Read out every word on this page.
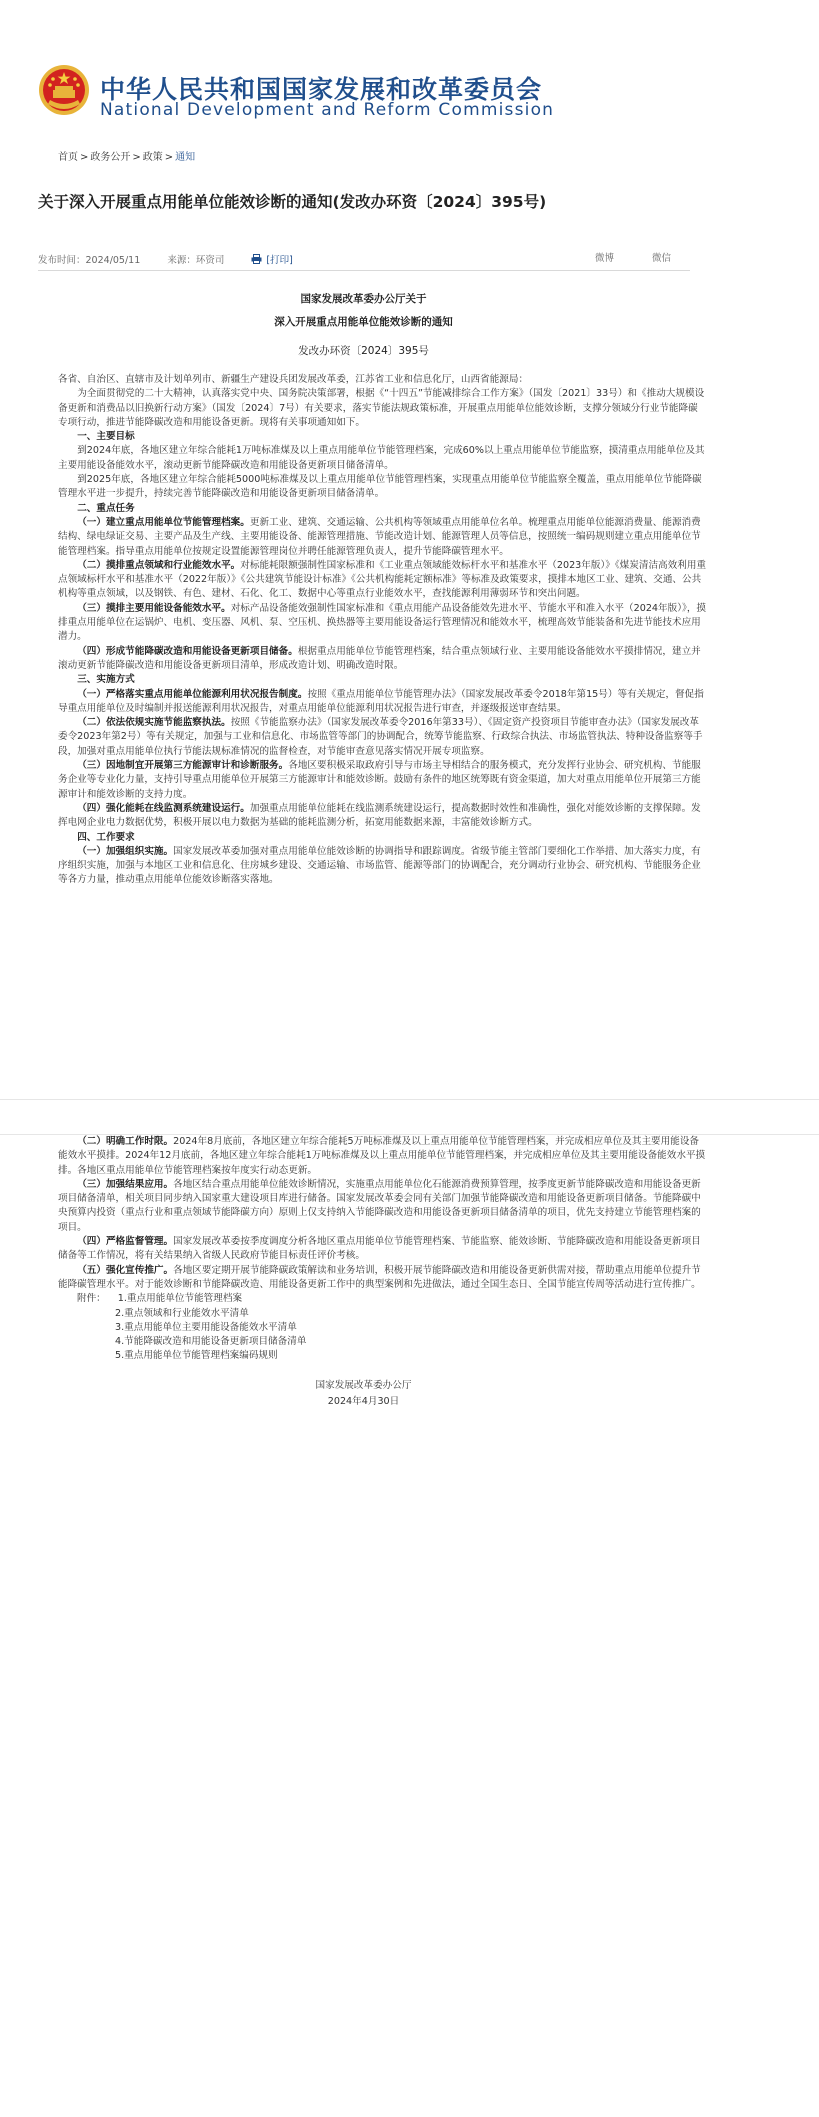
中华人民共和国国家发展和改革委员会
National Development and Reform Commission
首页 > 政务公开 > 政策 > 通知
关于深入开展重点用能单位能效诊断的通知(发改办环资〔2024〕395号)
发布时间：2024/05/11	来源：环资司	[打印]	微博	微信
国家发展改革委办公厅关于
深入开展重点用能单位能效诊断的通知
发改办环资〔2024〕395号

各省、自治区、直辖市及计划单列市、新疆生产建设兵团发展改革委，江苏省工业和信息化厅，山西省能源局：

为全面贯彻党的二十大精神，认真落实党中央、国务院决策部署，根据《“十四五”节能减排综合工作方案》（国发〔2021〕33号）和《推动大规模设备更新和消费品以旧换新行动方案》（国发〔2024〕7号）有关要求，落实节能法规政策标准，开展重点用能单位能效诊断，支撑分领域分行业节能降碳专项行动，推进节能降碳改造和用能设备更新。现将有关事项通知如下。

一、主要目标

到2024年底，各地区建立年综合能耗1万吨标准煤及以上重点用能单位节能管理档案，完成60%以上重点用能单位节能监察，摸清重点用能单位及其主要用能设备能效水平，滚动更新节能降碳改造和用能设备更新项目储备清单。

到2025年底，各地区建立年综合能耗5000吨标准煤及以上重点用能单位节能管理档案，实现重点用能单位节能监察全覆盖，重点用能单位节能降碳管理水平进一步提升，持续完善节能降碳改造和用能设备更新项目储备清单。

二、重点任务

（一）建立重点用能单位节能管理档案。更新工业、建筑、交通运输、公共机构等领域重点用能单位名单。梳理重点用能单位能源消费量、能源消费结构、绿电绿证交易、主要产品及生产线、主要用能设备、能源管理措施、节能改造计划、能源管理人员等信息，按照统一编码规则建立重点用能单位节能管理档案。指导重点用能单位按规定设置能源管理岗位并聘任能源管理负责人，提升节能降碳管理水平。

（二）摸排重点领域和行业能效水平。对标能耗限额强制性国家标准和《工业重点领域能效标杆水平和基准水平（2023年版）》《煤炭清洁高效利用重点领域标杆水平和基准水平（2022年版）》《公共建筑节能设计标准》《公共机构能耗定额标准》等标准及政策要求，摸排本地区工业、建筑、交通、公共机构等重点领域，以及钢铁、有色、建材、石化、化工、数据中心等重点行业能效水平，查找能源利用薄弱环节和突出问题。

（三）摸排主要用能设备能效水平。对标产品设备能效强制性国家标准和《重点用能产品设备能效先进水平、节能水平和准入水平（2024年版）》，摸排重点用能单位在运锅炉、电机、变压器、风机、泵、空压机、换热器等主要用能设备运行管理情况和能效水平，梳理高效节能装备和先进节能技术应用潜力。

（四）形成节能降碳改造和用能设备更新项目储备。根据重点用能单位节能管理档案，结合重点领域行业、主要用能设备能效水平摸排情况，建立并滚动更新节能降碳改造和用能设备更新项目清单，形成改造计划、明确改造时限。

三、实施方式

（一）严格落实重点用能单位能源利用状况报告制度。按照《重点用能单位节能管理办法》（国家发展改革委令2018年第15号）等有关规定，督促指导重点用能单位及时编制并报送能源利用状况报告，对重点用能单位能源利用状况报告进行审查，并逐级报送审查结果。

（二）依法依规实施节能监察执法。按照《节能监察办法》（国家发展改革委令2016年第33号）、《固定资产投资项目节能审查办法》（国家发展改革委令2023年第2号）等有关规定，加强与工业和信息化、市场监管等部门的协调配合，统筹节能监察、行政综合执法、市场监管执法、特种设备监察等手段，加强对重点用能单位执行节能法规标准情况的监督检查，对节能审查意见落实情况开展专项监察。

（三）因地制宜开展第三方能源审计和诊断服务。各地区要积极采取政府引导与市场主导相结合的服务模式，充分发挥行业协会、研究机构、节能服务企业等专业化力量，支持引导重点用能单位开展第三方能源审计和能效诊断。鼓励有条件的地区统筹既有资金渠道，加大对重点用能单位开展第三方能源审计和能效诊断的支持力度。

（四）强化能耗在线监测系统建设运行。加强重点用能单位能耗在线监测系统建设运行，提高数据时效性和准确性，强化对能效诊断的支撑保障。发挥电网企业电力数据优势，积极开展以电力数据为基础的能耗监测分析，拓宽用能数据来源，丰富能效诊断方式。

四、工作要求

（一）加强组织实施。国家发展改革委加强对重点用能单位能效诊断的协调指导和跟踪调度。省级节能主管部门要细化工作举措、加大落实力度，有序组织实施，加强与本地区工业和信息化、住房城乡建设、交通运输、市场监管、能源等部门的协调配合，充分调动行业协会、研究机构、节能服务企业等各方力量，推动重点用能单位能效诊断落实落地。

（二）明确工作时限。2024年8月底前，各地区建立年综合能耗5万吨标准煤及以上重点用能单位节能管理档案，并完成相应单位及其主要用能设备能效水平摸排。2024年12月底前，各地区建立年综合能耗1万吨标准煤及以上重点用能单位节能管理档案，并完成相应单位及其主要用能设备能效水平摸排。各地区重点用能单位节能管理档案按年度实行动态更新。

（三）加强结果应用。各地区结合重点用能单位能效诊断情况，实施重点用能单位化石能源消费预算管理，按季度更新节能降碳改造和用能设备更新项目储备清单，相关项目同步纳入国家重大建设项目库进行储备。国家发展改革委会同有关部门加强节能降碳改造和用能设备更新项目储备。节能降碳中央预算内投资（重点行业和重点领域节能降碳方向）原则上仅支持纳入节能降碳改造和用能设备更新项目储备清单的项目，优先支持建立节能管理档案的项目。

（四）严格监督管理。国家发展改革委按季度调度分析各地区重点用能单位节能管理档案、节能监察、能效诊断、节能降碳改造和用能设备更新项目储备等工作情况，将有关结果纳入省级人民政府节能目标责任评价考核。

（五）强化宣传推广。各地区要定期开展节能降碳政策解读和业务培训，积极开展节能降碳改造和用能设备更新供需对接，帮助重点用能单位提升节能降碳管理水平。对于能效诊断和节能降碳改造、用能设备更新工作中的典型案例和先进做法，通过全国生态日、全国节能宣传周等活动进行宣传推广。

附件： 1.重点用能单位节能管理档案

2.重点领域和行业能效水平清单

3.重点用能单位主要用能设备能效水平清单

4.节能降碳改造和用能设备更新项目储备清单

5.重点用能单位节能管理档案编码规则

国家发展改革委办公厅
2024年4月30日
